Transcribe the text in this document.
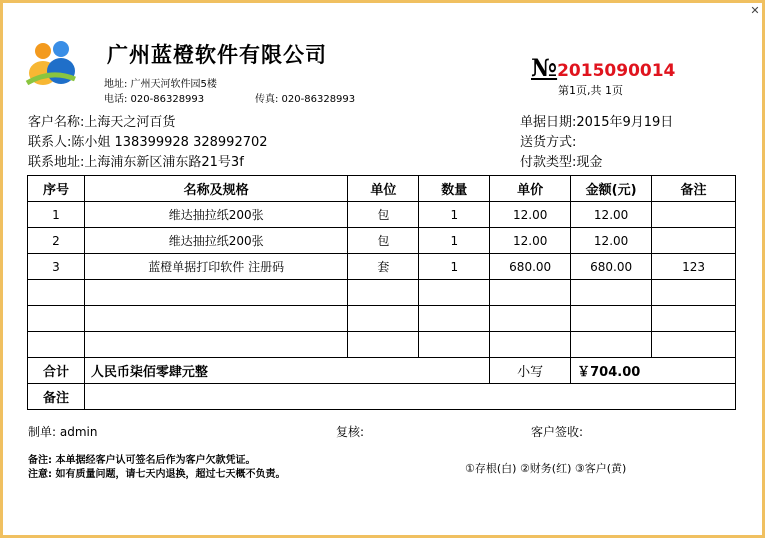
✕
广州蓝橙软件有限公司
地址: 广州天河软件园5楼
电话: 020-86328993	传真: 020-86328993
№2015090014
第1页,共 1页
客户名称:上海天之河百货
联系人:陈小姐 138399928 328992702
联系地址:上海浦东新区浦东路21号3f
单据日期:2015年9月19日
送货方式:
付款类型:现金
序号	名称及规格	单位	数量	单价	金额(元)	备注
1	维达抽拉纸200张	包	1	12.00	12.00	
2	维达抽拉纸200张	包	1	12.00	12.00	
3	蓝橙单据打印软件 注册码	套	1	680.00	680.00	123

合计	人民币柒佰零肆元整			小写	￥704.00	
备注						
制单: admin	复核:	客户签收:
备注: 本单据经客户认可签名后作为客户欠款凭证。
注意: 如有质量问题，请七天内退换，超过七天概不负责。	①存根(白) ②财务(红) ③客户(黄)
